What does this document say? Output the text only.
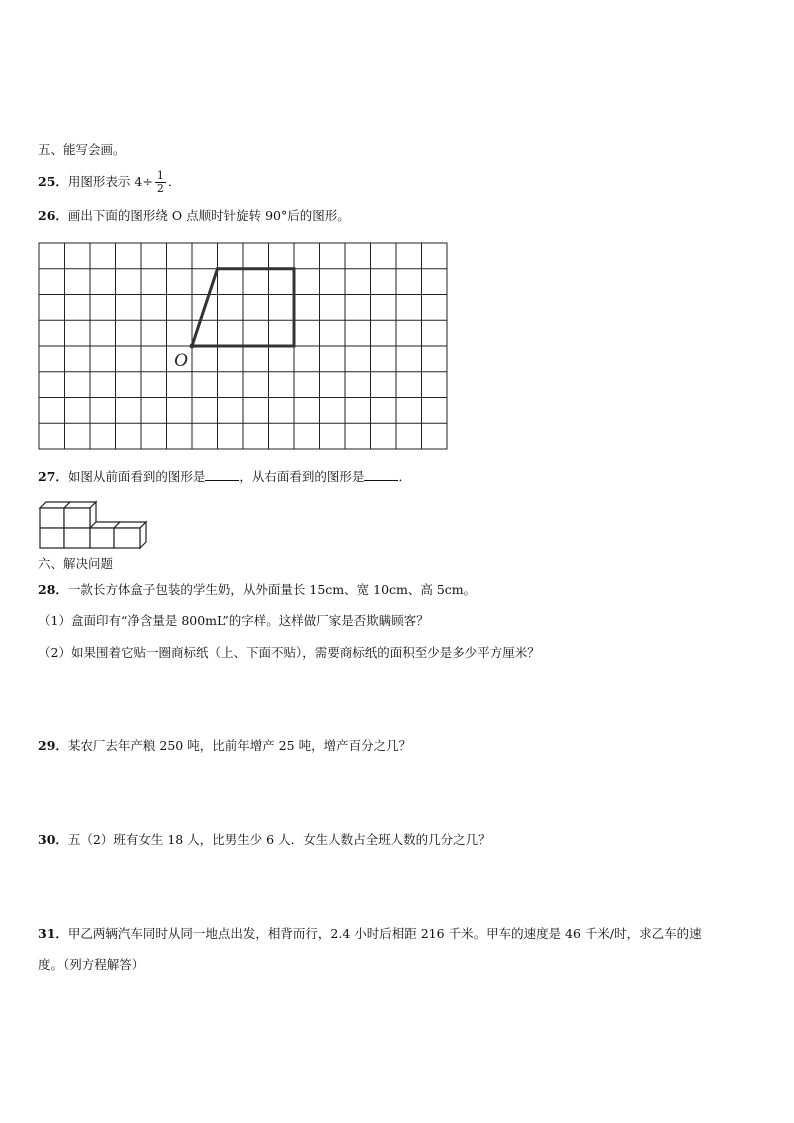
五、能写会画。
25．用图形表示 $4\div \frac{1}{2}$ ．
26．画出下面的图形绕 O 点顺时针旋转 90°后的图形。
O
27．如图从前面看到的图形是	，从右面看到的图形是	．
六、解决问题
28．一款长方体盒子包装的学生奶，从外面量长 15cm、宽 10cm、高 5cm。
（1）盒面印有“净含量是 800mL”的字样。这样做厂家是否欺瞒顾客？
（2）如果围着它贴一圈商标纸（上、下面不贴），需要商标纸的面积至少是多少平方厘米？
29．某农厂去年产粮 250 吨，比前年增产 25 吨，增产百分之几？
30．五（2）班有女生 18 人，比男生少 6 人．女生人数占全班人数的几分之几？
31．甲乙两辆汽车同时从同一地点出发，相背而行，2.4 小时后相距 216 千米。甲车的速度是 46 千米/时，求乙车的速
度。（列方程解答）
